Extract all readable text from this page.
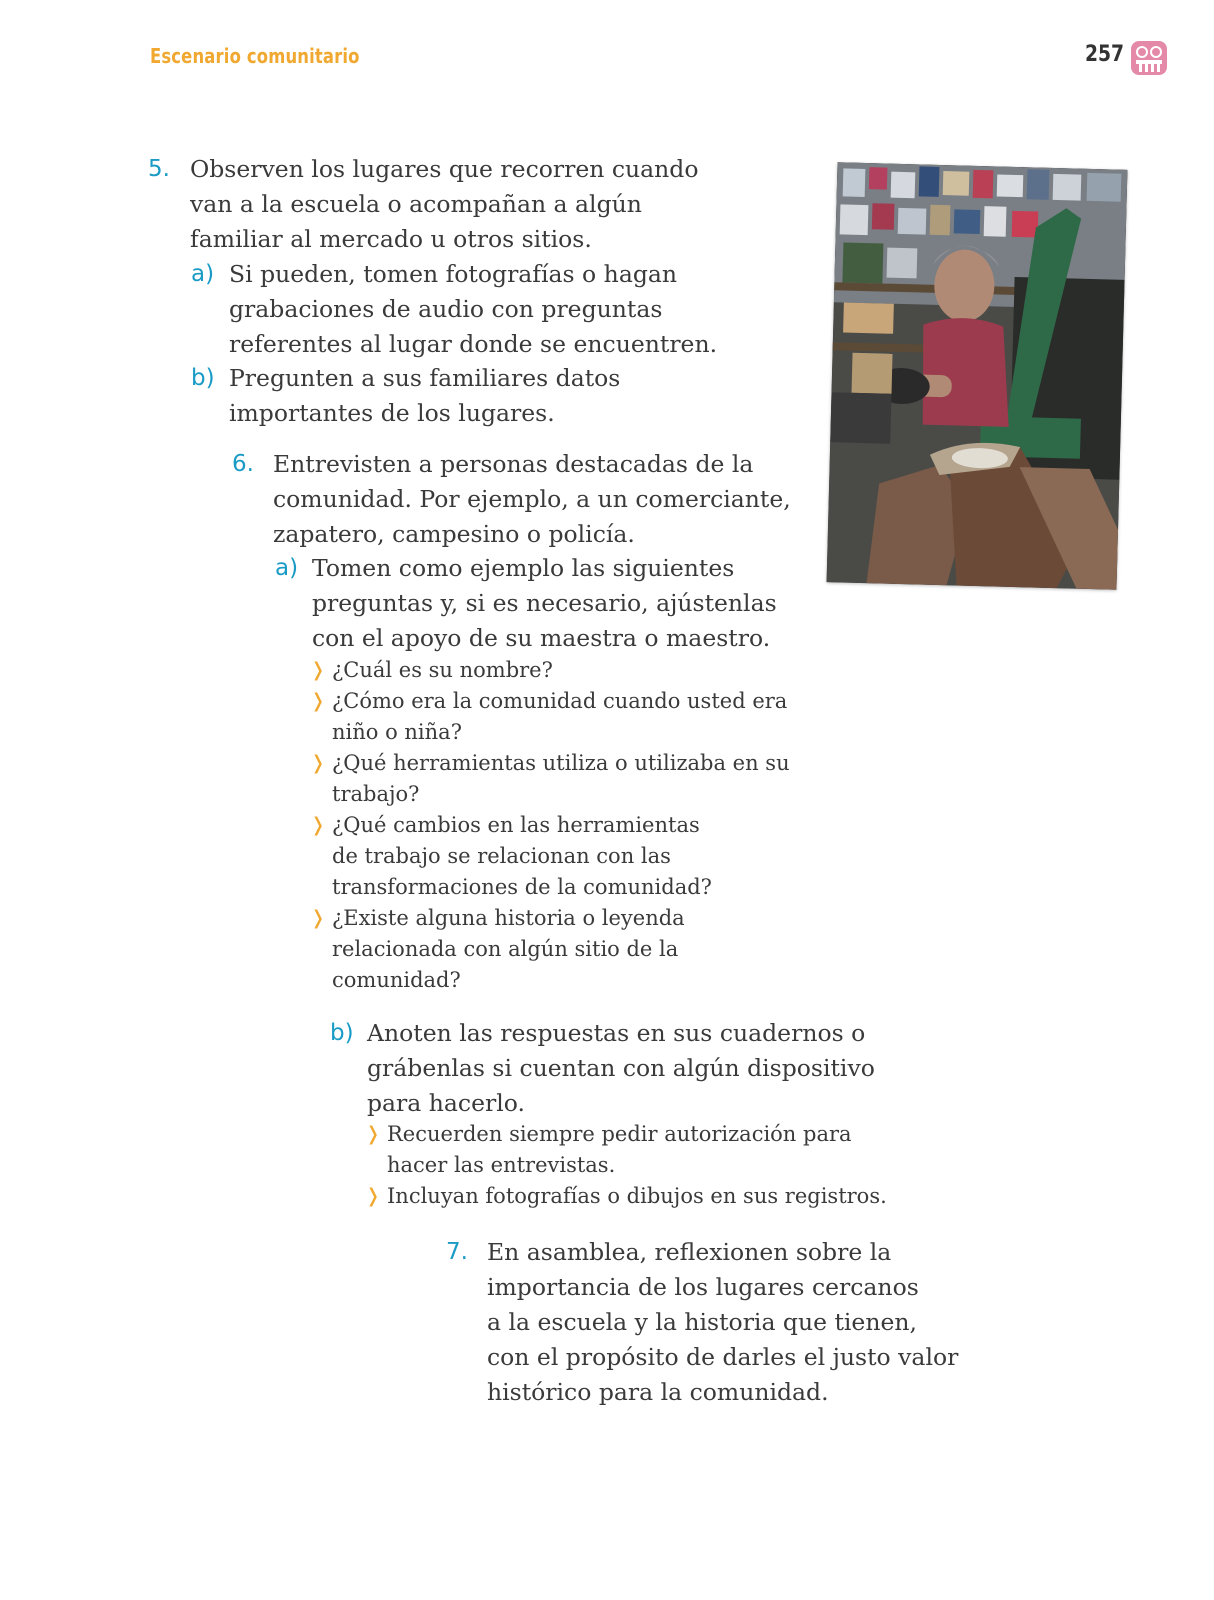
Escenario comunitario	257
5. Observen los lugares que recorren cuando
van a la escuela o acompañan a algún
familiar al mercado u otros sitios.
a) Si pueden, tomen fotografías o hagan
grabaciones de audio con preguntas
referentes al lugar donde se encuentren.
b) Pregunten a sus familiares datos
importantes de los lugares.
6. Entrevisten a personas destacadas de la
comunidad. Por ejemplo, a un comerciante,
zapatero, campesino o policía.
a) Tomen como ejemplo las siguientes
preguntas y, si es necesario, ajústenlas
con el apoyo de su maestra o maestro.
❭ ¿Cuál es su nombre?
❭ ¿Cómo era la comunidad cuando usted era
niño o niña?
❭ ¿Qué herramientas utiliza o utilizaba en su
trabajo?
❭ ¿Qué cambios en las herramientas
de trabajo se relacionan con las
transformaciones de la comunidad?
❭ ¿Existe alguna historia o leyenda
relacionada con algún sitio de la
comunidad?
b) Anoten las respuestas en sus cuadernos o
grábenlas si cuentan con algún dispositivo
para hacerlo.
❭ Recuerden siempre pedir autorización para
hacer las entrevistas.
❭ Incluyan fotografías o dibujos en sus registros.
7. En asamblea, reflexionen sobre la
importancia de los lugares cercanos
a la escuela y la historia que tienen,
con el propósito de darles el justo valor
histórico para la comunidad.
